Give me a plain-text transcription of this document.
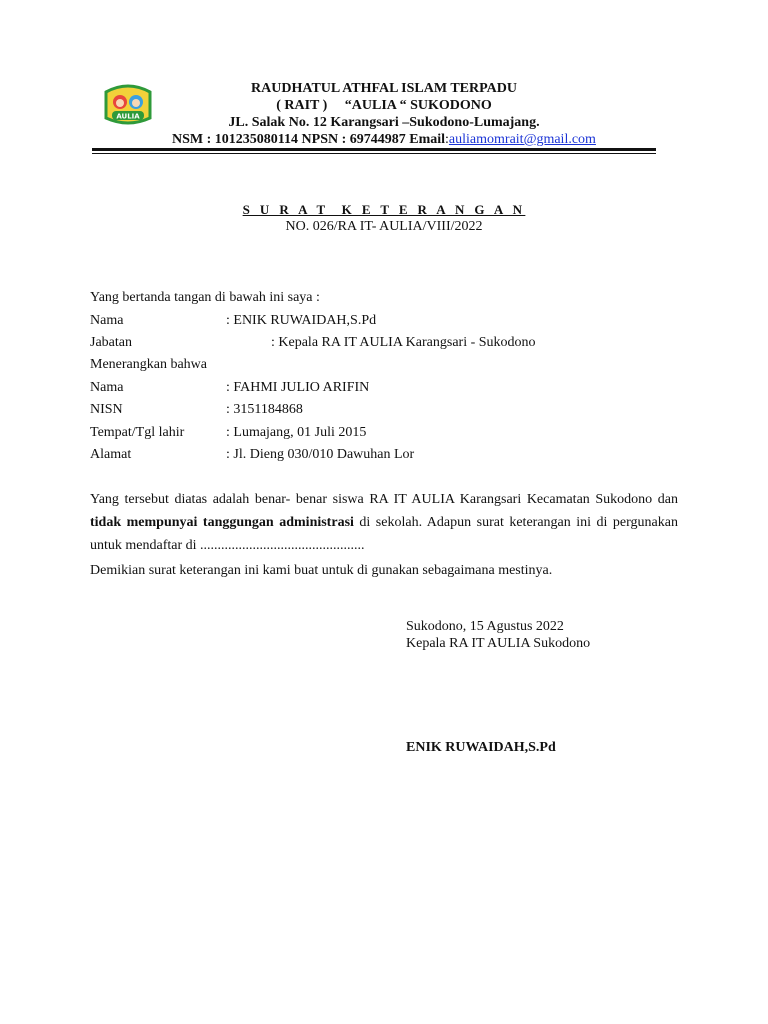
AULIA
RAUDHATUL ATHFAL ISLAM TERPADU
( RAIT )     “AULIA “ SUKODONO
JL. Salak No. 12 Karangsari –Sukodono-Lumajang.
NSM : 101235080114 NPSN : 69744987 Email:auliamomrait@gmail.com
S U R A T  K E T E R A N G A N
NO. 026/RA IT- AULIA/VIII/2022
Yang bertanda tangan di bawah ini saya :
Nama	: ENIK RUWAIDAH,S.Pd
Jabatan	: Kepala RA IT AULIA Karangsari - Sukodono
Menerangkan bahwa
Nama	: FAHMI JULIO ARIFIN
NISN	: 3151184868
Tempat/Tgl lahir	: Lumajang, 01 Juli 2015
Alamat	: Jl. Dieng 030/010 Dawuhan Lor
Yang tersebut diatas adalah benar- benar siswa RA IT AULIA Karangsari Kecamatan Sukodono dan tidak mempunyai tanggungan administrasi di sekolah. Adapun surat keterangan ini di pergunakan untuk mendaftar di ...............................................
Demikian surat keterangan ini kami buat untuk di gunakan sebagaimana mestinya.
Sukodono, 15 Agustus 2022
Kepala RA IT AULIA Sukodono
ENIK RUWAIDAH,S.Pd
